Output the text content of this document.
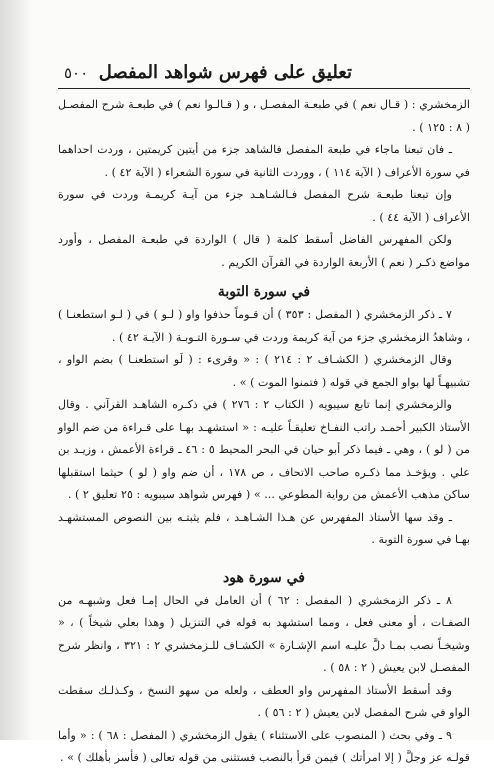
تعليق على فهرس شواهد المفصل
٥٠٠

الزمخشري : ( قـال نعم ) في طبعـة المفصـل ، و ( قـالـوا نعم ) في طبعـة شرح المفصـل ( ٨ : ١٢٥ ) .

ـ فان تبعنا ماجاء في طبعة المفصل فالشاهد جزء من أيتين كريمتين ، وردت احداهما في سورة الأعراف ( الآية ١١٤ ) ، ووردت الثانية في سورة الشعراء ( الآية ٤٢ ) .

وإن تبعنا طبعـة شرح المفصل فـالشـاهـد جزء من آيـة كريمـة وردت في سورة الأعراف ( الآية ٤٤ ) .

ولكن المفهرس الفاضل أسقط كلمة ( قال ) الواردة في طبعـة المفصل ، وأورد مواضع ذكـر ( نعم ) الأربعة الواردة في القرآن الكريم .

في سورة التوبة

٧ ـ ذكر الزمخشري ( المفصل : ٣٥٣ ) أن قـوماً حذفوا واو ( لـو ) في ( لـو استطعنـا ) ، وشاهدُ الزمخشري جزء من آية كريمة وردت في سـورة التـوبـة ( الآيـة ٤٢ ) .

وقال الزمخشري ( الكشـاف ٢ : ٢١٤ ) : « وقرىء : ( لَو استطعنـا ) بضم الواو ، تشبيهـاً لها بواو الجمع في قوله ( فتمنوا الموت ) » .

والزمخشري إنما تابع سيبويه ( الكتاب ٢ : ٢٧٦ ) في ذكـره الشاهـد القرآني . وقال الأستاذ الكبير أحمـد راتب النفـاخ تعليقـاً عليـه : « استشهـد بهـا على قـراءة من ضم الواو من ( لو ) ، وهي ـ فيما ذكر أبو حيان في البحر المحيط ٥ : ٤٦ ـ قراءة الأعمش ، وزيـد بن علي . ويؤخـذ مما ذكـره صاحب الاتحاف ، ص ١٧٨ ، أن ضم واو ( لو ) حيثما استقبلها ساكن مذهب الأعمش من رواية المطوعي ... » ( فهرس شواهد سيبويه : ٢٥ تعليق ٢ ) .

ـ وقد سها الأستاذ المفهرس عن هـذا الشـاهـد ، فلم يثبتـه بين النصوص المستشهـد بهـا في سورة التوبة .

في سورة هود

٨ ـ ذكر الزمخشري ( المفصل : ٦٢ ) أن العامل في الحال إمـا فعل وشبهـه من الصفـات ، أو معنى فعل ، ومما استشهد به قوله في التنزيل ( وهذا بعلي شيخاً ) ، « وشيخـاً نصب بمـا دلَّ عليـه اسم الإشـارة » الكشـاف للـزمخشري ٢ : ٣٢١ ، وانظر شرح المفصـل لابن يعيش ( ٢ : ٥٨ ) .

وقد أسقط الأستاذ المفهرس واو العطف ، ولعله من سهو النسخ ، وكـذلـك سقطت الواو في شرح المفصل لابن يعيش ( ٢ : ٥٦ ) .

٩ ـ وفي بحث ( المنصوب على الاستثناء ) يقول الزمخشري ( المفصل : ٦٨ ) : « وأما قولـه عز وجلَّ ( إلا امرأتك ) فيمن قرأ بالنصب فستثنى من قوله تعالى ( فأسر بأهلك ) » .
